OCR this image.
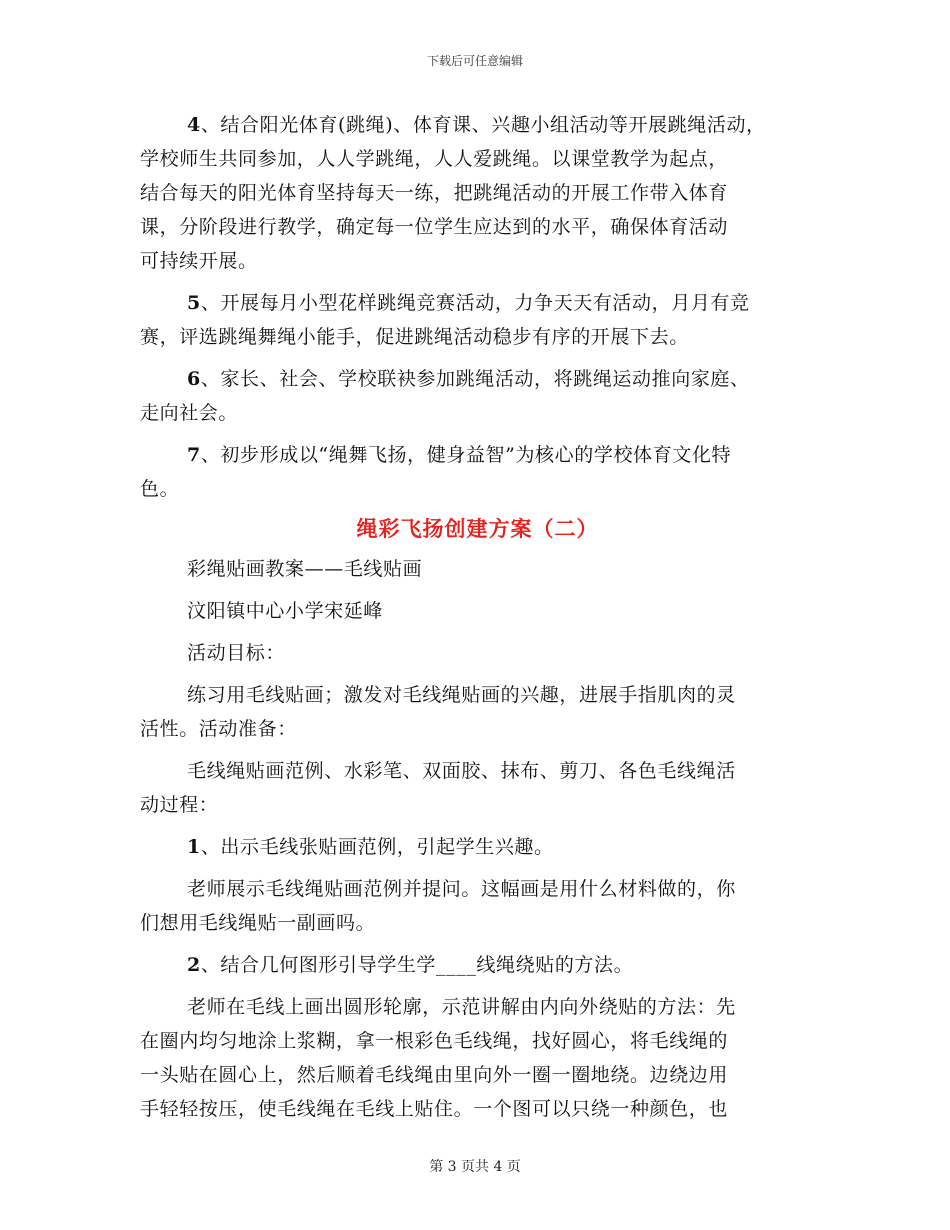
下载后可任意编辑
4、结合阳光体育(跳绳)、体育课、兴趣小组活动等开展跳绳活动，
学校师生共同参加，人人学跳绳，人人爱跳绳。以课堂教学为起点，
结合每天的阳光体育坚持每天一练，把跳绳活动的开展工作带入体育
课，分阶段进行教学，确定每一位学生应达到的水平，确保体育活动
可持续开展。
5、开展每月小型花样跳绳竞赛活动，力争天天有活动，月月有竞
赛，评选跳绳舞绳小能手，促进跳绳活动稳步有序的开展下去。
6、家长、社会、学校联袂参加跳绳活动，将跳绳运动推向家庭、
走向社会。
7、初步形成以“绳舞飞扬，健身益智”为核心的学校体育文化特
色。
绳彩飞扬创建方案（二）
彩绳贴画教案——毛线贴画
汶阳镇中心小学宋延峰
活动目标：
练习用毛线贴画；激发对毛线绳贴画的兴趣，进展手指肌肉的灵
活性。活动准备：
毛线绳贴画范例、水彩笔、双面胶、抹布、剪刀、各色毛线绳活
动过程：
1、出示毛线张贴画范例，引起学生兴趣。
老师展示毛线绳贴画范例并提问。这幅画是用什么材料做的，你
们想用毛线绳贴一副画吗。
2、结合几何图形引导学生学____线绳绕贴的方法。
老师在毛线上画出圆形轮廓，示范讲解由内向外绕贴的方法：先
在圈内均匀地涂上浆糊，拿一根彩色毛线绳，找好圆心，将毛线绳的
一头贴在圆心上，然后顺着毛线绳由里向外一圈一圈地绕。边绕边用
手轻轻按压，使毛线绳在毛线上贴住。一个图可以只绕一种颜色，也
第 3 页共 4 页
